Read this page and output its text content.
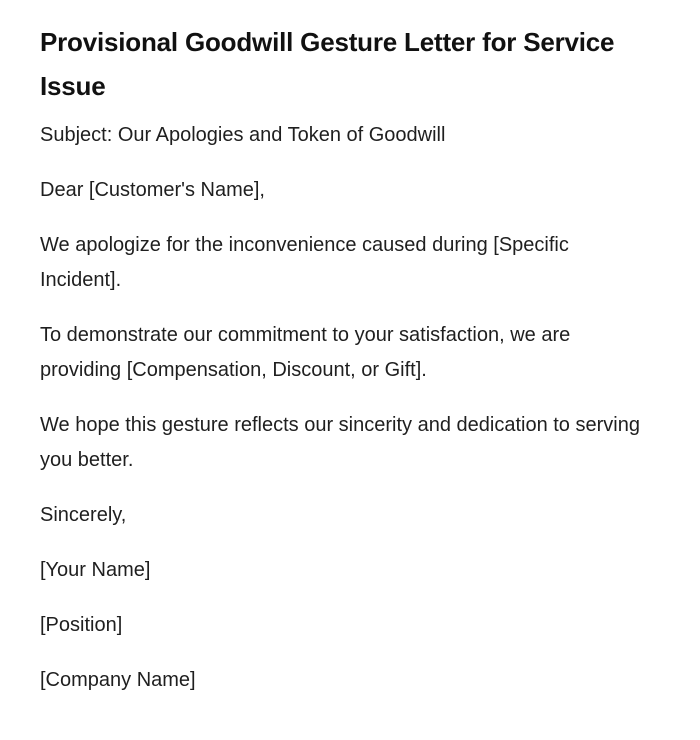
Provisional Goodwill Gesture Letter for Service Issue

Subject: Our Apologies and Token of Goodwill

Dear [Customer's Name],

We apologize for the inconvenience caused during [Specific Incident].

To demonstrate our commitment to your satisfaction, we are providing [Compensation, Discount, or Gift].

We hope this gesture reflects our sincerity and dedication to serving you better.

Sincerely,

[Your Name]

[Position]

[Company Name]
